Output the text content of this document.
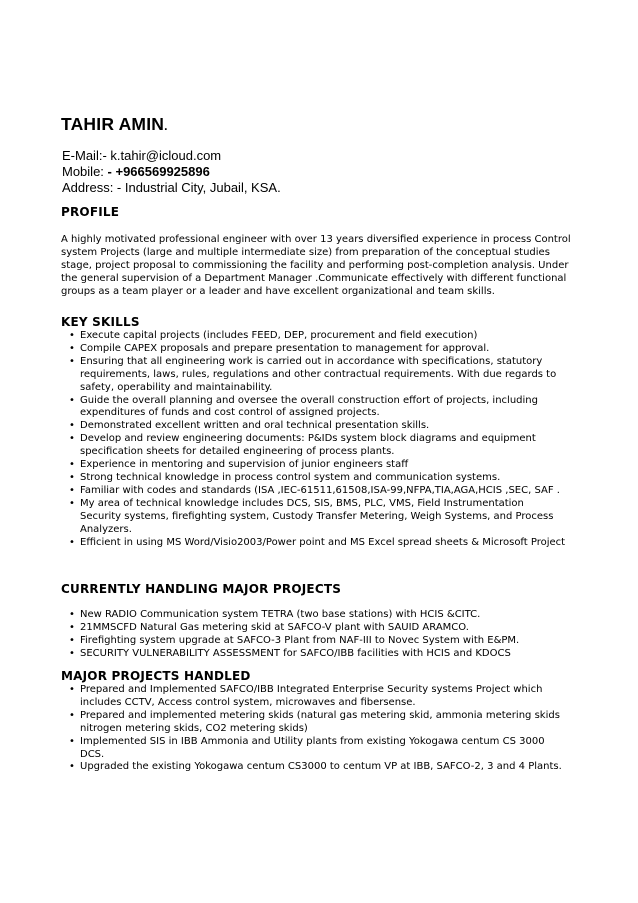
TAHIR AMIN.
E-Mail:- k.tahir@icloud.com
Mobile: - +966569925896
Address: - Industrial City, Jubail, KSA.

PROFILE

A highly motivated professional engineer with over 13 years diversified experience in process Control system Projects (large and multiple intermediate size) from preparation of the conceptual studies stage, project proposal to commissioning the facility and performing post-completion analysis. Under the general supervision of a Department Manager .Communicate effectively with different functional groups as a team player or a leader and have excellent organizational and team skills.

KEY SKILLS

• Execute capital projects (includes FEED, DEP, procurement and field execution)
• Compile CAPEX proposals and prepare presentation to management for approval.
• Ensuring that all engineering work is carried out in accordance with specifications, statutory requirements, laws, rules, regulations and other contractual requirements. With due regards to safety, operability and maintainability.
• Guide the overall planning and oversee the overall construction effort of projects, including expenditures of funds and cost control of assigned projects.
• Demonstrated excellent written and oral technical presentation skills.
• Develop and review engineering documents: P&IDs system block diagrams and equipment specification sheets for detailed engineering of process plants.
• Experience in mentoring and supervision of junior engineers staff
• Strong technical knowledge in process control system and communication systems.
• Familiar with codes and standards (ISA ,IEC-61511,61508,ISA-99,NFPA,TIA,AGA,HCIS ,SEC, SAF .
• My area of technical knowledge includes DCS, SIS, BMS, PLC, VMS, Field Instrumentation Security systems, firefighting system, Custody Transfer Metering, Weigh Systems, and Process Analyzers.
• Efficient in using MS Word/Visio2003/Power point and MS Excel spread sheets & Microsoft Project

CURRENTLY HANDLING MAJOR PROJECTS

• New RADIO Communication system TETRA (two base stations) with HCIS &CITC.
• 21MMSCFD Natural Gas metering skid at SAFCO-V plant with SAUID ARAMCO.
• Firefighting system upgrade at SAFCO-3 Plant from NAF-III to Novec System with E&PM.
• SECURITY VULNERABILITY ASSESSMENT for SAFCO/IBB facilities with HCIS and KDOCS

MAJOR PROJECTS HANDLED

• Prepared and Implemented SAFCO/IBB Integrated Enterprise Security systems Project which includes CCTV, Access control system, microwaves and fibersense.
• Prepared and implemented metering skids (natural gas metering skid, ammonia metering skids nitrogen metering skids, CO2 metering skids)
• Implemented SIS in IBB Ammonia and Utility plants from existing Yokogawa centum CS 3000 DCS.
• Upgraded the existing Yokogawa centum CS3000 to centum VP at IBB, SAFCO-2, 3 and 4 Plants.
